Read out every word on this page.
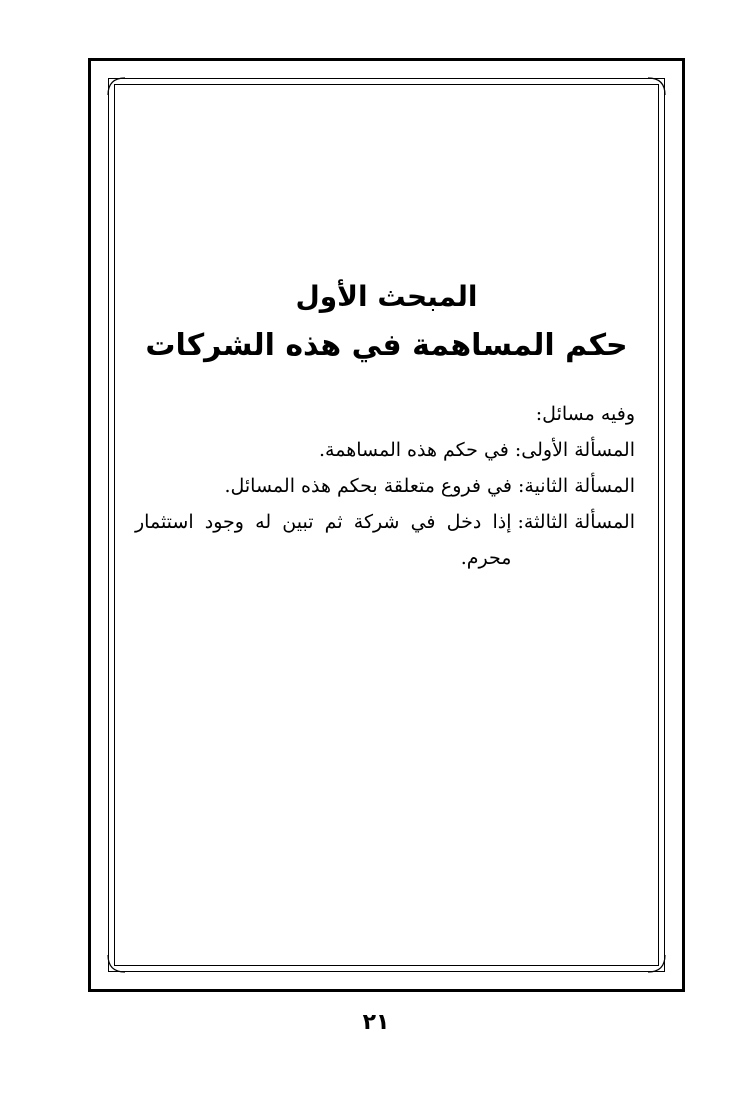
المبحث الأول
حكم المساهمة في هذه الشركات
وفيه مسائل:
المسألة الأولى:
في حكم هذه المساهمة.
المسألة الثانية:
في فروع متعلقة بحكم هذه المسائل.
المسألة الثالثة:
إذا دخل في شركة ثم تبين له وجود استثمار محرم.
٢١
